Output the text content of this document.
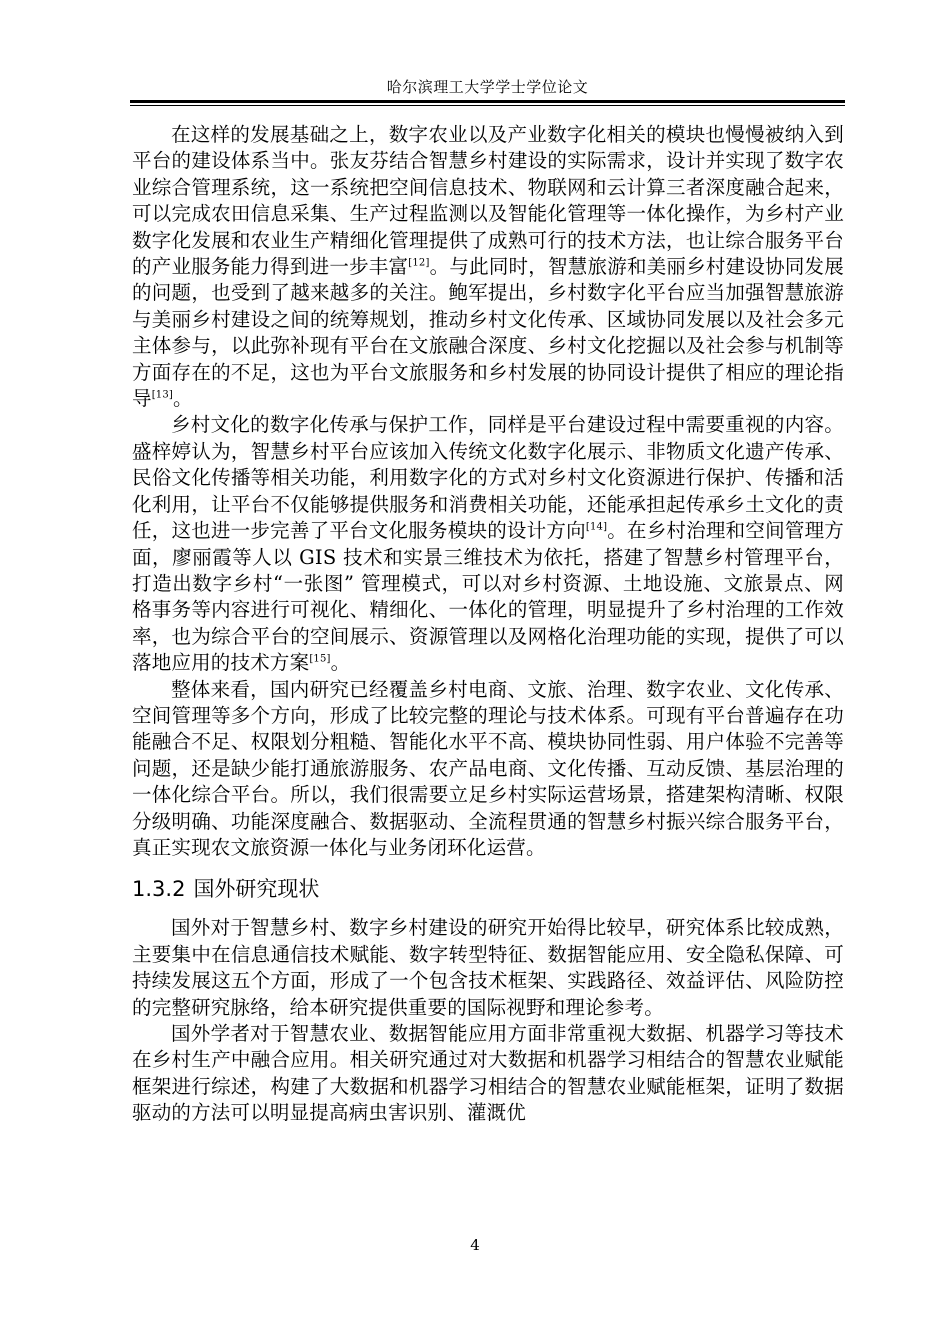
哈尔滨理工大学学士学位论文

在这样的发展基础之上，数字农业以及产业数字化相关的模块也慢慢被纳入到平台的建设体系当中。张友芬结合智慧乡村建设的实际需求，设计并实现了数字农业综合管理系统，这一系统把空间信息技术、物联网和云计算三者深度融合起来，可以完成农田信息采集、生产过程监测以及智能化管理等一体化操作，为乡村产业数字化发展和农业生产精细化管理提供了成熟可行的技术方法，也让综合服务平台的产业服务能力得到进一步丰富[12]。与此同时，智慧旅游和美丽乡村建设协同发展的问题，也受到了越来越多的关注。鲍军提出，乡村数字化平台应当加强智慧旅游与美丽乡村建设之间的统筹规划，推动乡村文化传承、区域协同发展以及社会多元主体参与，以此弥补现有平台在文旅融合深度、乡村文化挖掘以及社会参与机制等方面存在的不足，这也为平台文旅服务和乡村发展的协同设计提供了相应的理论指导[13]。

乡村文化的数字化传承与保护工作，同样是平台建设过程中需要重视的内容。盛梓婷认为，智慧乡村平台应该加入传统文化数字化展示、非物质文化遗产传承、民俗文化传播等相关功能，利用数字化的方式对乡村文化资源进行保护、传播和活化利用，让平台不仅能够提供服务和消费相关功能，还能承担起传承乡土文化的责任，这也进一步完善了平台文化服务模块的设计方向[14]。在乡村治理和空间管理方面，廖丽霞等人以 GIS 技术和实景三维技术为依托，搭建了智慧乡村管理平台，打造出数字乡村“一张图” 管理模式，可以对乡村资源、土地设施、文旅景点、网格事务等内容进行可视化、精细化、一体化的管理，明显提升了乡村治理的工作效率，也为综合平台的空间展示、资源管理以及网格化治理功能的实现，提供了可以落地应用的技术方案[15]。

整体来看，国内研究已经覆盖乡村电商、文旅、治理、数字农业、文化传承、空间管理等多个方向，形成了比较完整的理论与技术体系。可现有平台普遍存在功能融合不足、权限划分粗糙、智能化水平不高、模块协同性弱、用户体验不完善等问题，还是缺少能打通旅游服务、农产品电商、文化传播、互动反馈、基层治理的一体化综合平台。所以，我们很需要立足乡村实际运营场景，搭建架构清晰、权限分级明确、功能深度融合、数据驱动、全流程贯通的智慧乡村振兴综合服务平台，真正实现农文旅资源一体化与业务闭环化运营。

1.3.2 国外研究现状

国外对于智慧乡村、数字乡村建设的研究开始得比较早，研究体系比较成熟，主要集中在信息通信技术赋能、数字转型特征、数据智能应用、安全隐私保障、可持续发展这五个方面，形成了一个包含技术框架、实践路径、效益评估、风险防控的完整研究脉络，给本研究提供重要的国际视野和理论参考。

国外学者对于智慧农业、数据智能应用方面非常重视大数据、机器学习等技术在乡村生产中融合应用。相关研究通过对大数据和机器学习相结合的智慧农业赋能框架进行综述，构建了大数据和机器学习相结合的智慧农业赋能框架，证明了数据驱动的方法可以明显提高病虫害识别、灌溉优

4
